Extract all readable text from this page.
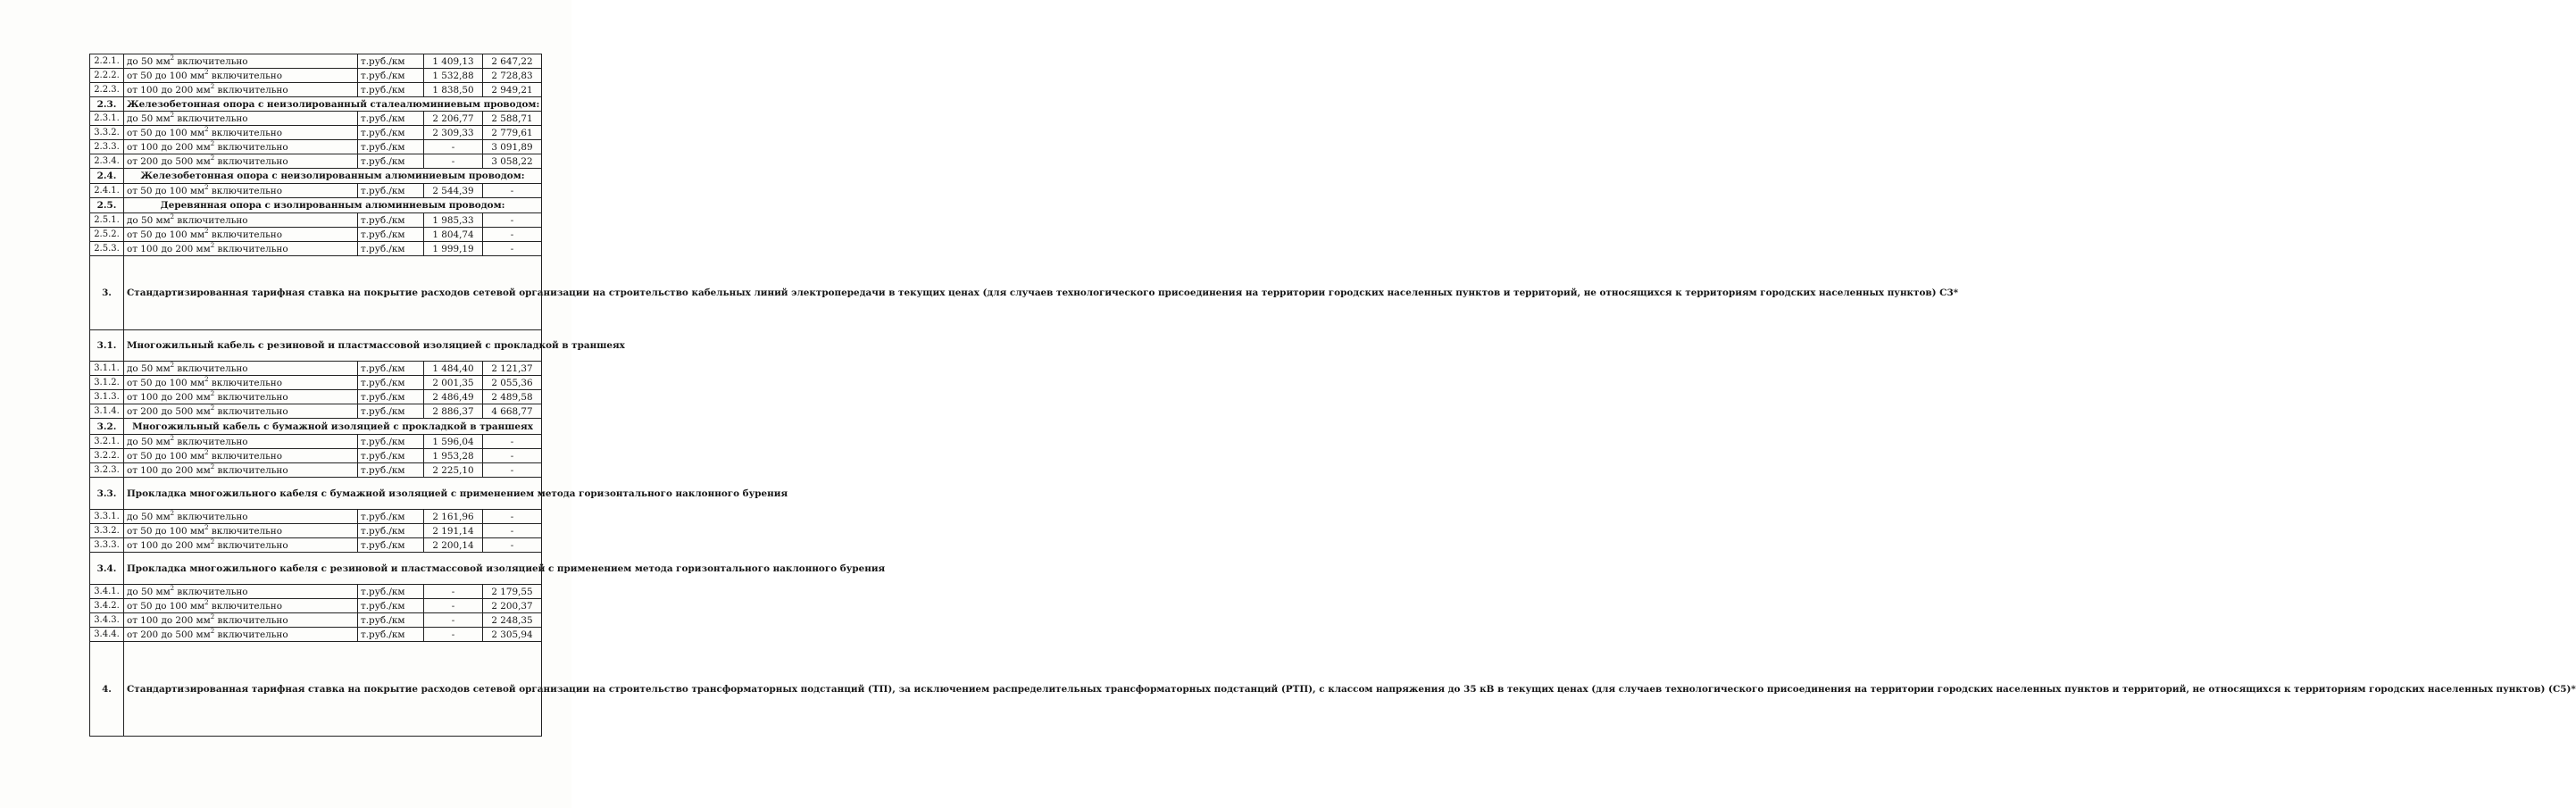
2.2.1.	до 50 $мм^2$ включительно	т.руб./км	1 409,13	2 647,22
2.2.2.	от 50 до 100 $мм^2$ включительно	т.руб./км	1 532,88	2 728,83
2.2.3.	от 100 до 200 $мм^2$ включительно	т.руб./км	1 838,50	2 949,21
2.3.	Железобетонная опора с неизолированный сталеалюминиевым проводом:			
2.3.1.	до 50 $мм^2$ включительно	т.руб./км	2 206,77	2 588,71
3.3.2.	от 50 до 100 $мм^2$ включительно	т.руб./км	2 309,33	2 779,61
2.3.3.	от 100 до 200 $мм^2$ включительно	т.руб./км	-	3 091,89
2.3.4.	от 200 до 500 $мм^2$ включительно	т.руб./км	-	3 058,22
2.4.	Железобетонная опора с неизолированным алюминиевым проводом:			
2.4.1.	от 50 до 100 $мм^2$ включительно	т.руб./км	2 544,39	-
2.5.	Деревянная опора с изолированным алюминиевым проводом:			
2.5.1.	до 50 $мм^2$ включительно	т.руб./км	1 985,33	-
2.5.2.	от 50 до 100 $мм^2$ включительно	т.руб./км	1 804,74	-
2.5.3.	от 100 до 200 $мм^2$ включительно	т.руб./км	1 999,19	-
3.	Стандартизированная тарифная ставка на покрытие расходов сетевой организации на строительство кабельных линий электропередачи в текущих ценах (для случаев технологического присоединения на территории городских населенных пунктов и территорий, не относящихся к территориям городских населенных пунктов) С3*			
3.1.	Многожильный кабель с резиновой и пластмассовой изоляцией с прокладкой в траншеях			
3.1.1.	до 50 $мм^2$ включительно	т.руб./км	1 484,40	2 121,37
3.1.2.	от 50 до 100 $мм^2$ включительно	т.руб./км	2 001,35	2 055,36
3.1.3.	от 100 до 200 $мм^2$ включительно	т.руб./км	2 486,49	2 489,58
3.1.4.	от 200 до 500 $мм^2$ включительно	т.руб./км	2 886,37	4 668,77
3.2.	Многожильный кабель с бумажной изоляцией с прокладкой в траншеях			
3.2.1.	до 50 $мм^2$ включительно	т.руб./км	1 596,04	-
3.2.2.	от 50 до 100 $мм^2$ включительно	т.руб./км	1 953,28	-
3.2.3.	от 100 до 200 $мм^2$ включительно	т.руб./км	2 225,10	-
3.3.	Прокладка многожильного кабеля с бумажной изоляцией с применением метода горизонтального наклонного бурения			
3.3.1.	до 50 $мм^2$ включительно	т.руб./км	2 161,96	-
3.3.2.	от 50 до 100 $мм^2$ включительно	т.руб./км	2 191,14	-
3.3.3.	от 100 до 200 $мм^2$ включительно	т.руб./км	2 200,14	-
3.4.	Прокладка многожильного кабеля с резиновой и пластмассовой изоляцией с применением метода горизонтального наклонного бурения			
3.4.1.	до 50 $мм^2$ включительно	т.руб./км	-	2 179,55
3.4.2.	от 50 до 100 $мм^2$ включительно	т.руб./км	-	2 200,37
3.4.3.	от 100 до 200 $мм^2$ включительно	т.руб./км	-	2 248,35
3.4.4.	от 200 до 500 $мм^2$ включительно	т.руб./км	-	2 305,94
4.	Стандартизированная тарифная ставка на покрытие расходов сетевой организации на строительство трансформаторных подстанций (ТП), за исключением распределительных трансформаторных подстанций (РТП), с классом напряжения до 35 кВ в текущих ценах (для случаев технологического присоединения на территории городских населенных пунктов и территорий, не относящихся к территориям городских населенных пунктов) (С5)*			
